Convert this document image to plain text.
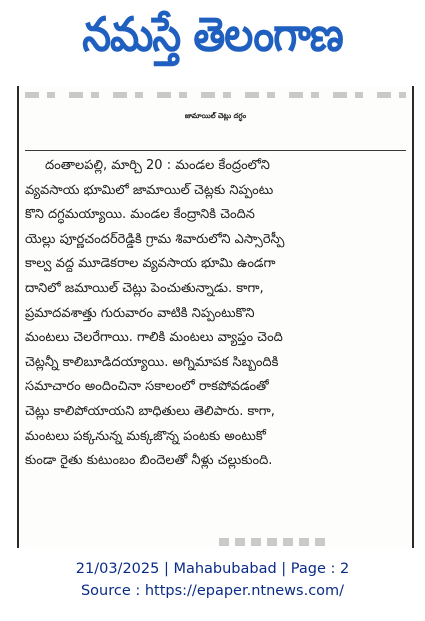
నమస్తే తెలంగాణ
జామాయిల్ చెట్లు దగ్ధం
దంతాలపల్లి, మార్చి 20 : మండల కేంద్రంలోని
వ్యవసాయ భూమిలో జామాయిల్ చెట్లకు నిప్పంటు
కొని దగ్ధమయ్యాయి. మండల కేంద్రానికి చెందిన
యెల్లు పూర్ణచందర్‌రెడ్డికి గ్రామ శివారులోని ఎస్సారెస్పీ
కాల్వ వద్ద మూడెకరాల వ్యవసాయ భూమి ఉండగా
దానిలో జమాయిల్ చెట్లు పెంచుతున్నాడు. కాగా,
ప్రమాదవశాత్తు గురువారం వాటికి నిప్పంటుకొని
మంటలు చెలరేగాయి. గాలికి మంటలు వ్యాప్తం చెంది
చెట్లన్నీ కాలిబూడిదయ్యాయి. అగ్నిమాపక సిబ్బందికి
సమాచారం అందించినా సకాలంలో రాకపోవడంతో
చెట్లు కాలిపోయాయని బాధితులు తెలిపారు. కాగా,
మంటలు పక్కనున్న మక్కజొన్న పంటకు అంటుకో
కుండా రైతు కుటుంబం బిందెలతో నీళ్లు చల్లుకుంది.
21/03/2025 | Mahabubabad | Page : 2
Source : https://epaper.ntnews.com/
